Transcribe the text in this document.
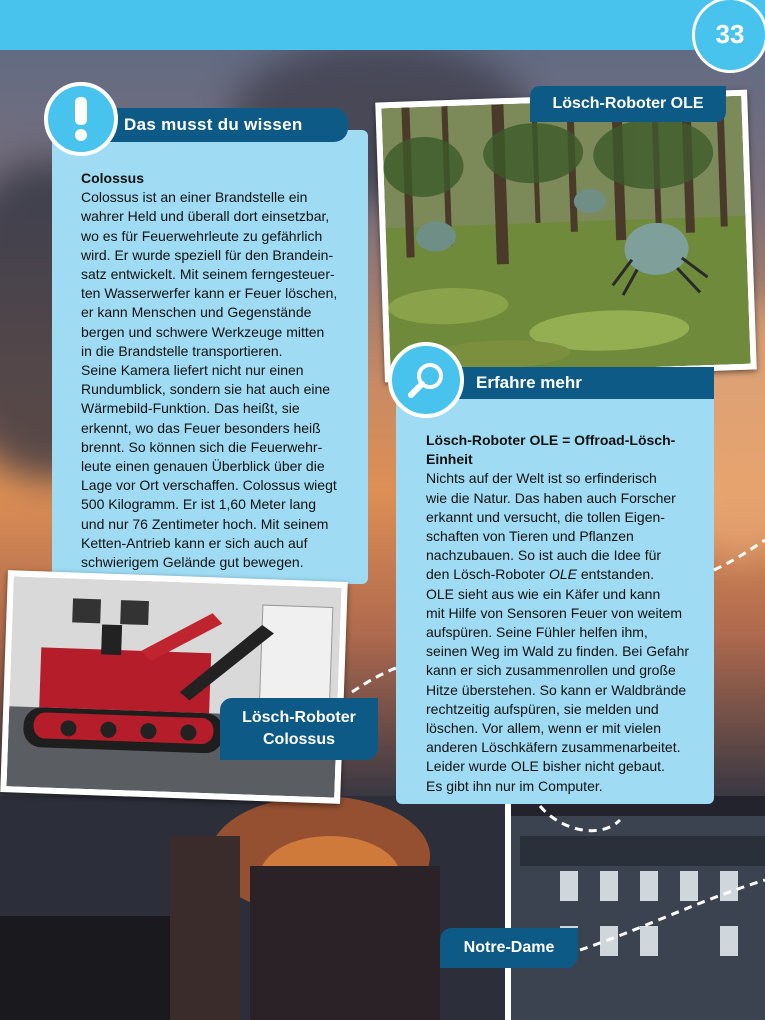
33
Lösch-Roboter OLE
Das musst du wissen

Colossus

Colossus ist an einer Brandstelle ein

wahrer Held und überall dort einsetzbar,

wo es für Feuerwehrleute zu gefährlich

wird. Er wurde speziell für den Brandein-

satz entwickelt. Mit seinem ferngesteuer-

ten Wasserwerfer kann er Feuer löschen,

er kann Menschen und Gegenstände

bergen und schwere Werkzeuge mitten

in die Brandstelle transportieren.

Seine Kamera liefert nicht nur einen

Rundumblick, sondern sie hat auch eine

Wärmebild-Funktion. Das heißt, sie

erkennt, wo das Feuer besonders heiß

brennt. So können sich die Feuerwehr-

leute einen genauen Überblick über die

Lage vor Ort verschaffen. Colossus wiegt

500 Kilogramm. Er ist 1,60 Meter lang

und nur 76 Zentimeter hoch. Mit seinem

Ketten-Antrieb kann er sich auch auf

schwierigem Gelände gut bewegen.

Notre-Dame
Lösch-Roboter
Colossus
Erfahre mehr

Lösch-Roboter OLE = Offroad-Lösch-

Einheit

Nichts auf der Welt ist so erfinderisch

wie die Natur. Das haben auch Forscher

erkannt und versucht, die tollen Eigen-

schaften von Tieren und Pflanzen

nachzubauen. So ist auch die Idee für

den Lösch-Roboter OLE entstanden.

OLE sieht aus wie ein Käfer und kann

mit Hilfe von Sensoren Feuer von weitem

aufspüren. Seine Fühler helfen ihm,

seinen Weg im Wald zu finden. Bei Gefahr

kann er sich zusammenrollen und große

Hitze überstehen. So kann er Waldbrände

rechtzeitig aufspüren, sie melden und

löschen. Vor allem, wenn er mit vielen

anderen Löschkäfern zusammenarbeitet.

Leider wurde OLE bisher nicht gebaut.

Es gibt ihn nur im Computer.
